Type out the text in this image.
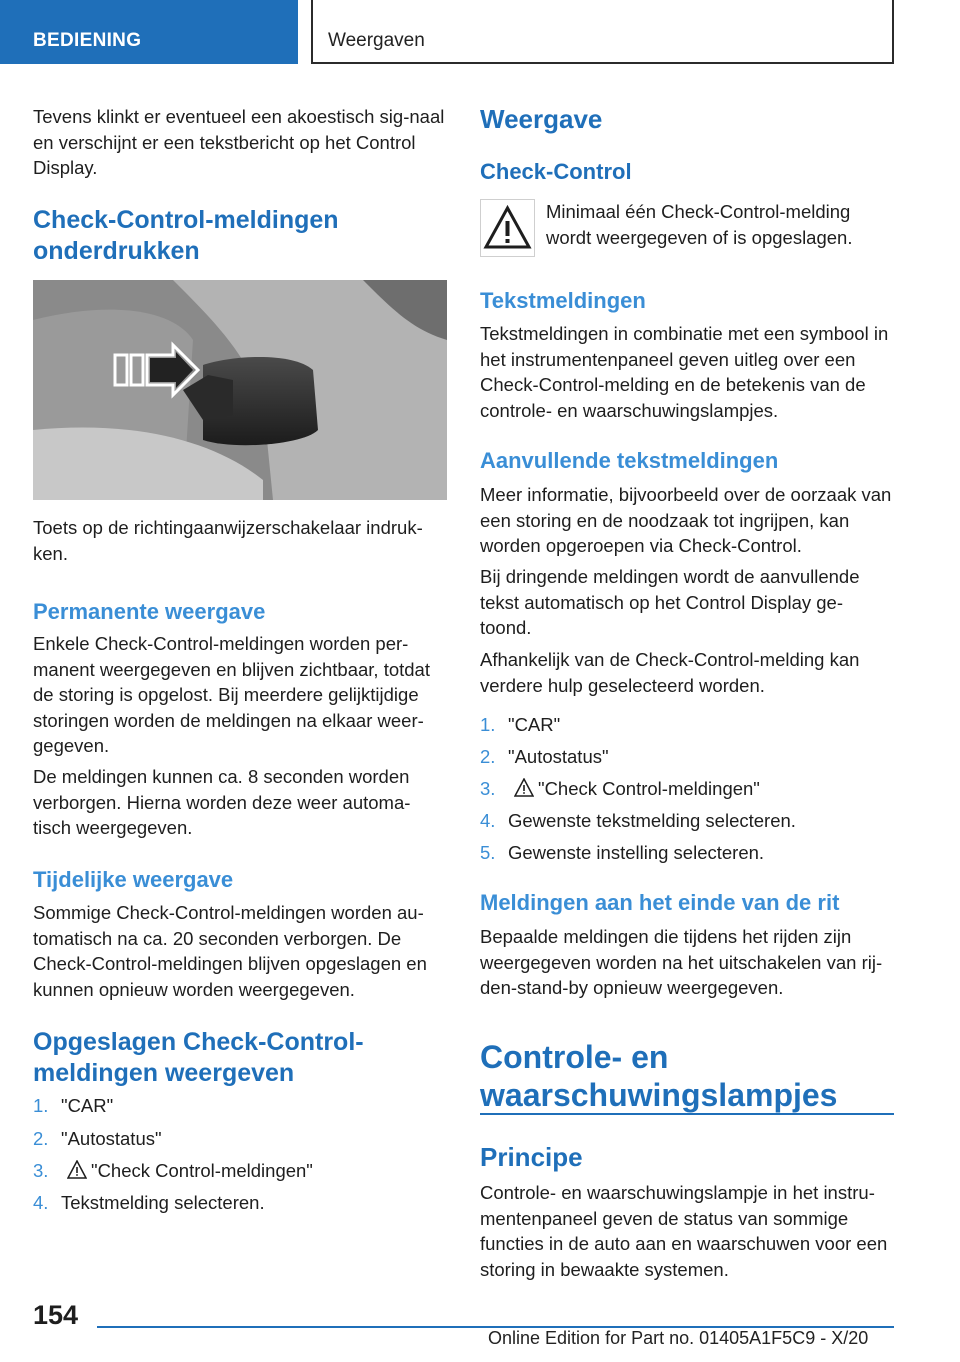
BEDIENING	Weergaven

Tevens klinkt er eventueel een akoestisch sig-naal en verschijnt er een tekstbericht op het Control Display.

Check-Control-meldingen onderdrukken

Toets op de richtingaanwijzerschakelaar indruk-ken.

Permanente weergave

Enkele Check-Control-meldingen worden per-manent weergegeven en blijven zichtbaar, totdat de storing is opgelost. Bij meerdere gelijktijdige storingen worden de meldingen na elkaar weer-gegeven.

De meldingen kunnen ca. 8 seconden worden verborgen. Hierna worden deze weer automa-tisch weergegeven.

Tijdelijke weergave

Sommige Check-Control-meldingen worden au-tomatisch na ca. 20 seconden verborgen. De Check-Control-meldingen blijven opgeslagen en kunnen opnieuw worden weergegeven.

Opgeslagen Check-Control-meldingen weergeven
1. "CAR"
2. "Autostatus"
3. "Check Control-meldingen"
4. Tekstmelding selecteren.
Weergave
Check-Control

Minimaal één Check-Control-melding wordt weergegeven of is opgeslagen.

Tekstmeldingen

Tekstmeldingen in combinatie met een symbool in het instrumentenpaneel geven uitleg over een Check-Control-melding en de betekenis van de controle- en waarschuwingslampjes.

Aanvullende tekstmeldingen

Meer informatie, bijvoorbeeld over de oorzaak van een storing en de noodzaak tot ingrijpen, kan worden opgeroepen via Check-Control.

Bij dringende meldingen wordt de aanvullende tekst automatisch op het Control Display ge-toond.

Afhankelijk van de Check-Control-melding kan verdere hulp geselecteerd worden.

1. "CAR"
2. "Autostatus"
3. "Check Control-meldingen"
4. Gewenste tekstmelding selecteren.
5. Gewenste instelling selecteren.
Meldingen aan het einde van de rit

Bepaalde meldingen die tijdens het rijden zijn weergegeven worden na het uitschakelen van rij-den-stand-by opnieuw weergegeven.

Controle- en waarschuwingslampjes
Principe

Controle- en waarschuwingslampje in het instru-mentenpaneel geven de status van sommige functies in de auto aan en waarschuwen voor een storing in bewaakte systemen.

154
Online Edition for Part no. 01405A1F5C9 - X/20
